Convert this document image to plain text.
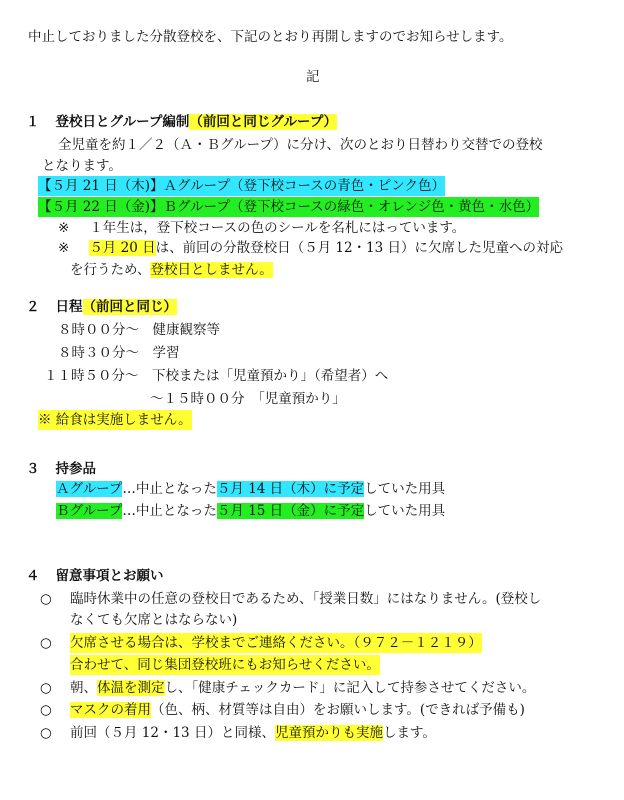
中止しておりました分散登校を、下記のとおり再開しますのでお知らせします。
記
１ 登校日とグループ編制（前回と同じグループ）
全児童を約１／２（Ａ・Ｂグループ）に分け、次のとおり日替わり交替での登校
となります。
【５月 21 日（木)】Ａグループ（登下校コースの青色・ピンク色）
【５月 22 日（金)】Ｂグループ（登下校コースの緑色・オレンジ色・黄色・水色）
※ １年生は，登下校コースの色のシールを名札にはっています。
※ ５月 20 日は、前回の分散登校日（５月 12・13 日）に欠席した児童への対応
を行うため、登校日としません。
２ 日程（前回と同じ）
８時００分～　健康観察等
８時３０分～　学習
１１時５０分～　下校または「児童預かり」（希望者）へ
～１５時００分　「児童預かり」
※ 給食は実施しません。
３ 持参品
Ａグループ…中止となった５月 14 日（木）に予定していた用具
Ｂグループ…中止となった５月 15 日（金）に予定していた用具
４ 留意事項とお願い
○ 臨時休業中の任意の登校日であるため、「授業日数」にはなりません。(登校し
なくても欠席とはならない)
○ 欠席させる場合は、学校までご連絡ください。（９７２－１２１９）
合わせて、同じ集団登校班にもお知らせください。
○ 朝、体温を測定し、「健康チェックカード」に記入して持参させてください。
○ マスクの着用（色、柄、材質等は自由）をお願いします。(できれば予備も)
○ 前回（５月 12・13 日）と同様、児童預かりも実施します。
